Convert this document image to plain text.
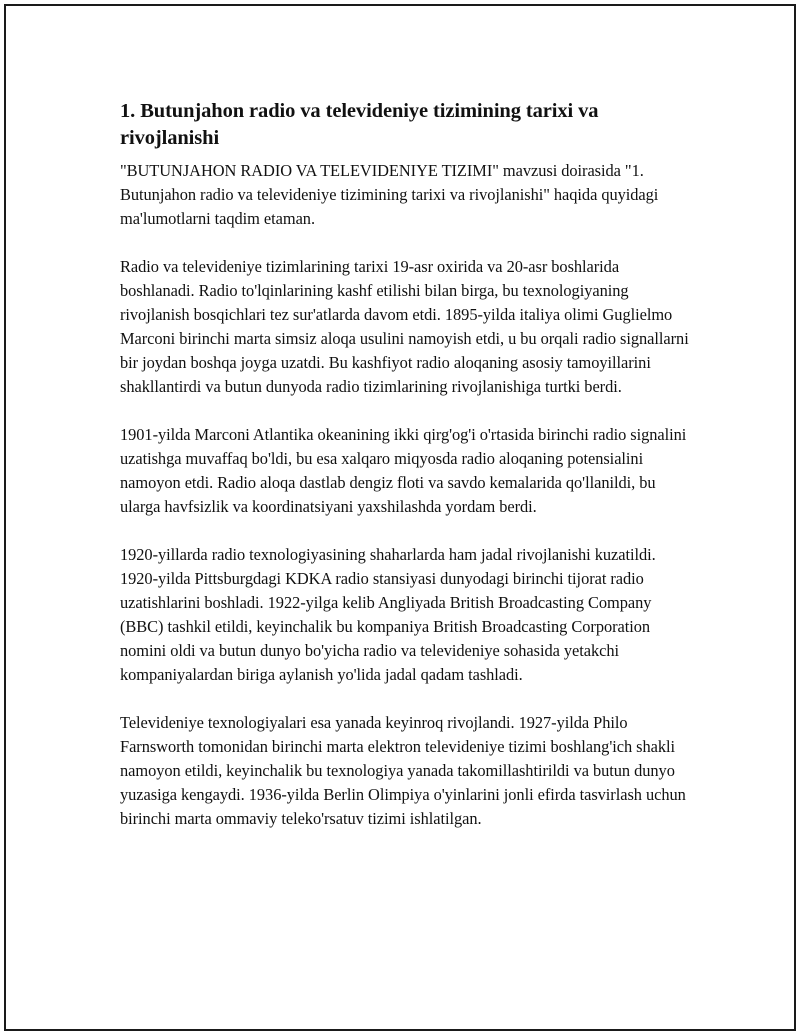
1. Butunjahon radio va televideniye tizimining tarixi va rivojlanishi

"BUTUNJAHON RADIO VA TELEVIDENIYE TIZIMI" mavzusi doirasida "1. Butunjahon radio va televideniye tizimining tarixi va rivojlanishi" haqida quyidagi ma'lumotlarni taqdim etaman.

Radio va televideniye tizimlarining tarixi 19-asr oxirida va 20-asr boshlarida boshlanadi. Radio to'lqinlarining kashf etilishi bilan birga, bu texnologiyaning rivojlanish bosqichlari tez sur'atlarda davom etdi. 1895-yilda italiya olimi Guglielmo Marconi birinchi marta simsiz aloqa usulini namoyish etdi, u bu orqali radio signallarni bir joydan boshqa joyga uzatdi. Bu kashfiyot radio aloqaning asosiy tamoyillarini shakllantirdi va butun dunyoda radio tizimlarining rivojlanishiga turtki berdi.

1901-yilda Marconi Atlantika okeanining ikki qirg'og'i o'rtasida birinchi radio signalini uzatishga muvaffaq bo'ldi, bu esa xalqaro miqyosda radio aloqaning potensialini namoyon etdi. Radio aloqa dastlab dengiz floti va savdo kemalarida qo'llanildi, bu ularga havfsizlik va koordinatsiyani yaxshilashda yordam berdi.

1920-yillarda radio texnologiyasining shaharlarda ham jadal rivojlanishi kuzatildi. 1920-yilda Pittsburgdagi KDKA radio stansiyasi dunyodagi birinchi tijorat radio uzatishlarini boshladi. 1922-yilga kelib Angliyada British Broadcasting Company (BBC) tashkil etildi, keyinchalik bu kompaniya British Broadcasting Corporation nomini oldi va butun dunyo bo'yicha radio va televideniye sohasida yetakchi kompaniyalardan biriga aylanish yo'lida jadal qadam tashladi.

Televideniye texnologiyalari esa yanada keyinroq rivojlandi. 1927-yilda Philo Farnsworth tomonidan birinchi marta elektron televideniye tizimi boshlang'ich shakli namoyon etildi, keyinchalik bu texnologiya yanada takomillashtirildi va butun dunyo yuzasiga kengaydi. 1936-yilda Berlin Olimpiya o'yinlarini jonli efirda tasvirlash uchun birinchi marta ommaviy teleko'rsatuv tizimi ishlatilgan.
